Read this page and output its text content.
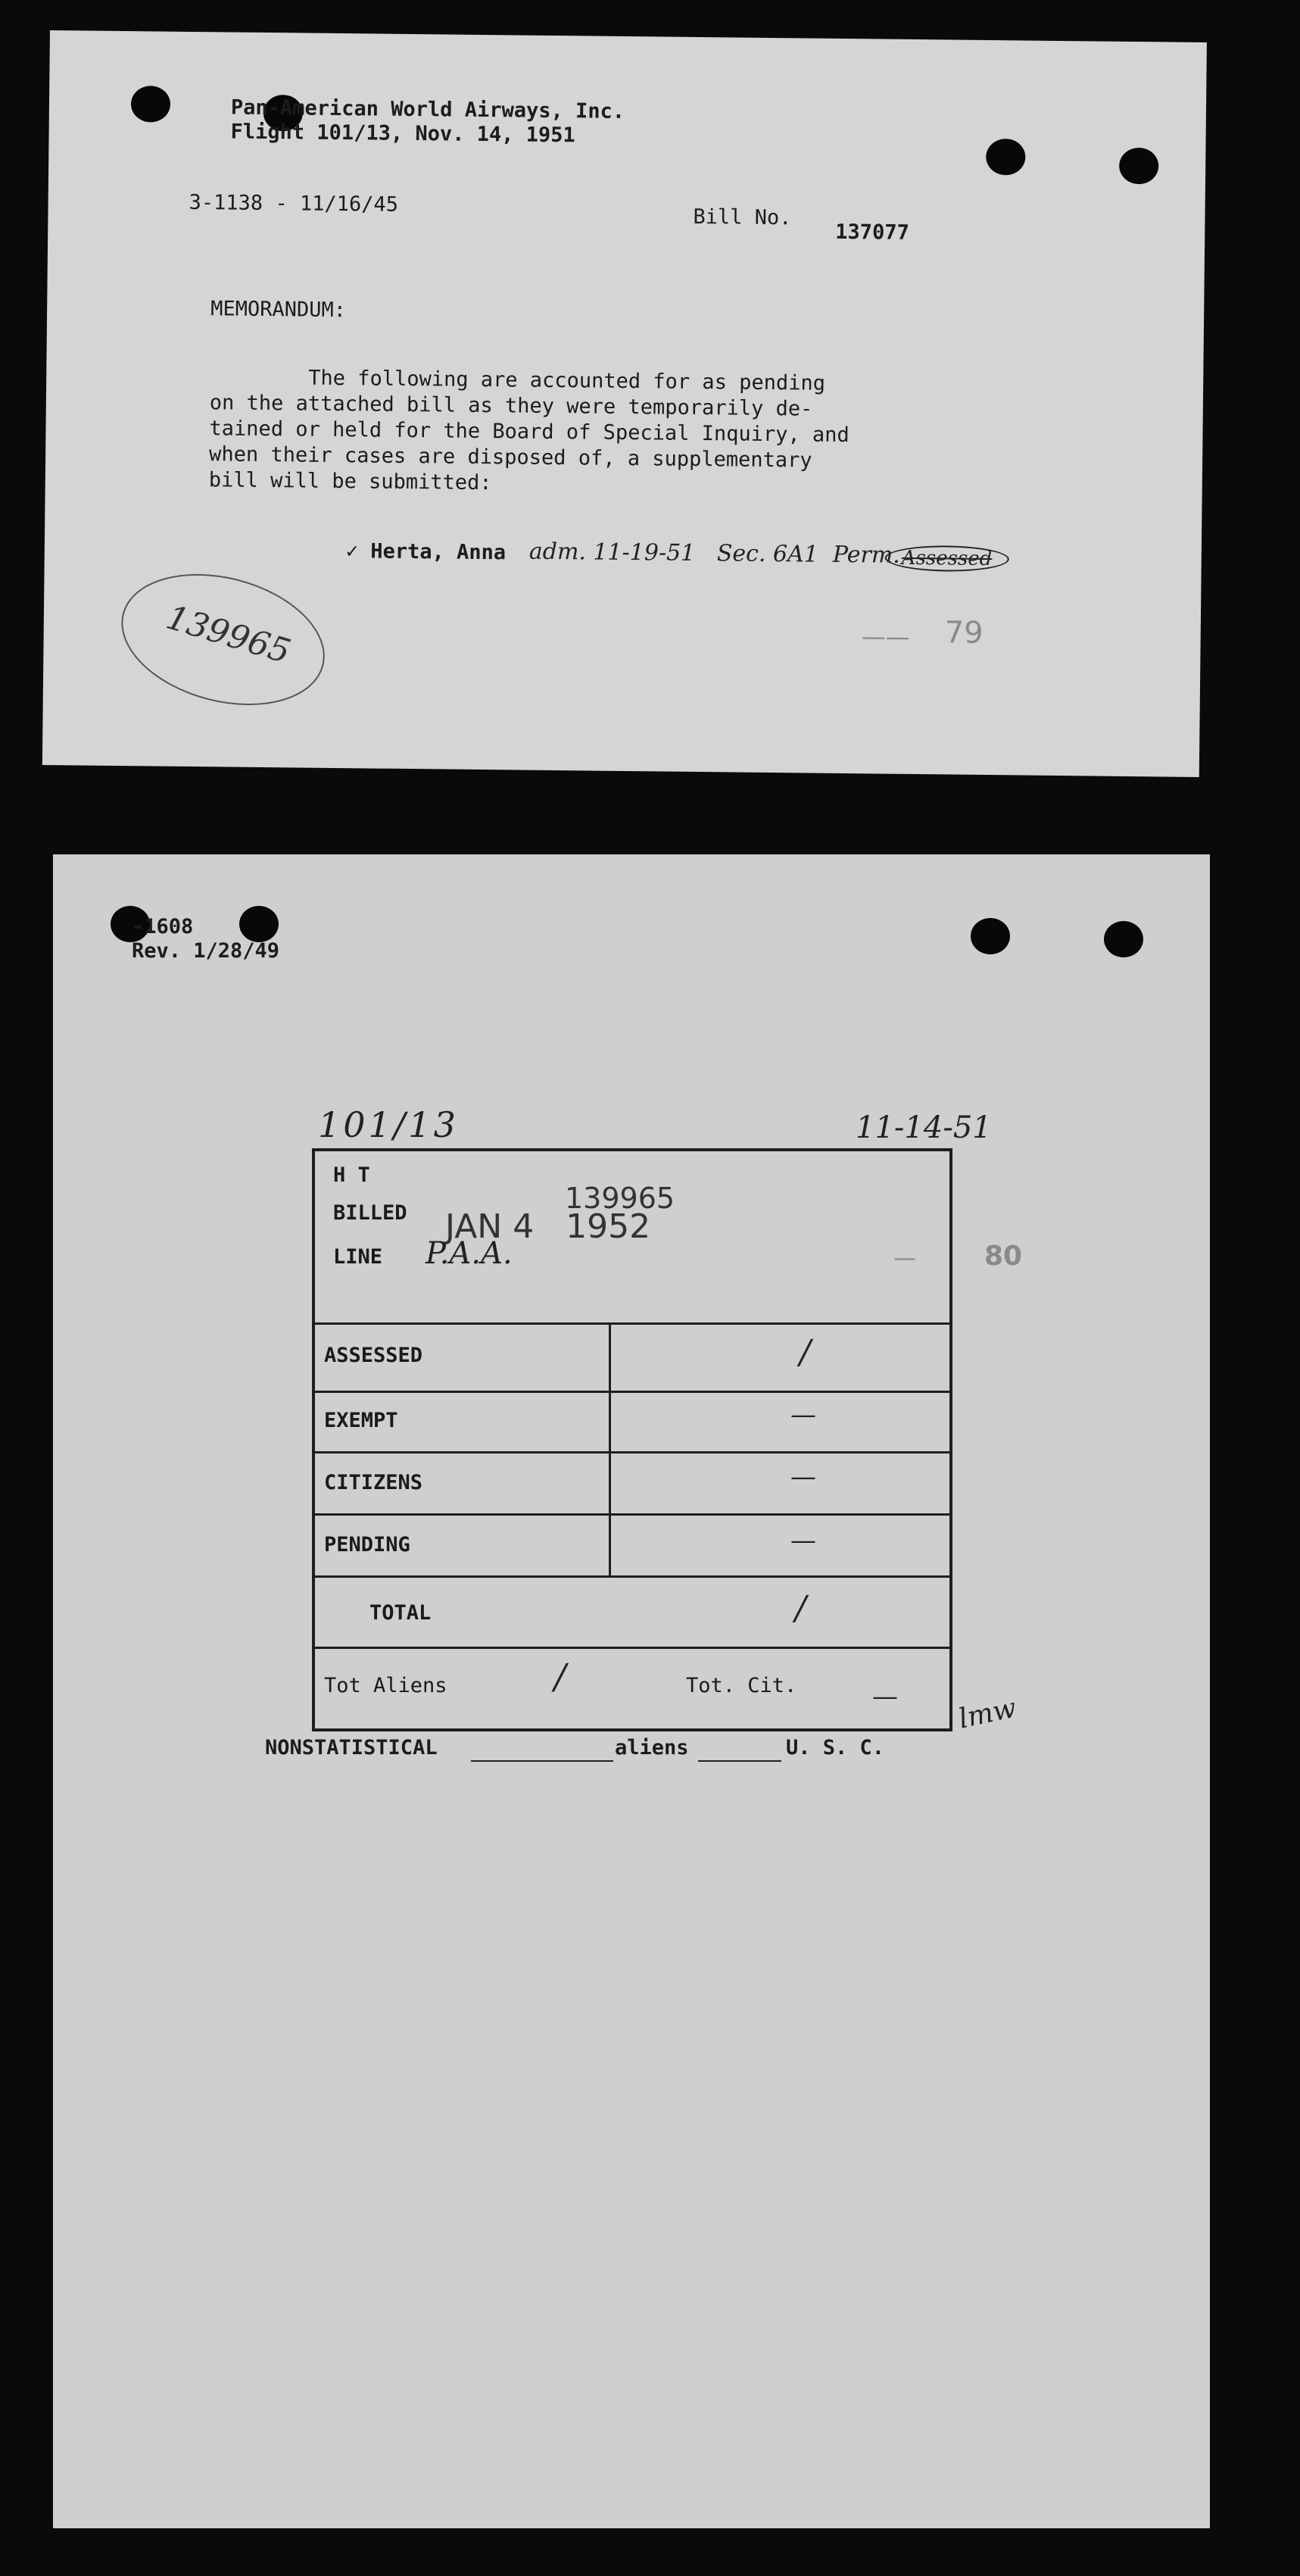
Pan-American World Airways, Inc.
Flight 101/13, Nov. 14, 1951
3-1138 - 11/16/45
Bill No.
137077
MEMORANDUM:
The following are accounted for as pending
on the attached bill as they were temporarily de-
tained or held for the Board of Special Inquiry, and
when their cases are disposed of, a supplementary
bill will be submitted:
✓ Herta, Anna adm. 11-19-51   Sec. 6A1  Perm. Assessed
139965	—— 79
-1608
Rev. 1/28/49
101/13	11-14-51
H T
BILLED	139965
JAN 4   1952
LINE P.A.A.
ASSESSED	/
EXEMPT	—
CITIZENS	—
PENDING	—
TOTAL	/
Tot Aliens	/	Tot. Cit.	—
—	80
lmw
NONSTATISTICAL	aliens	U. S. C.
